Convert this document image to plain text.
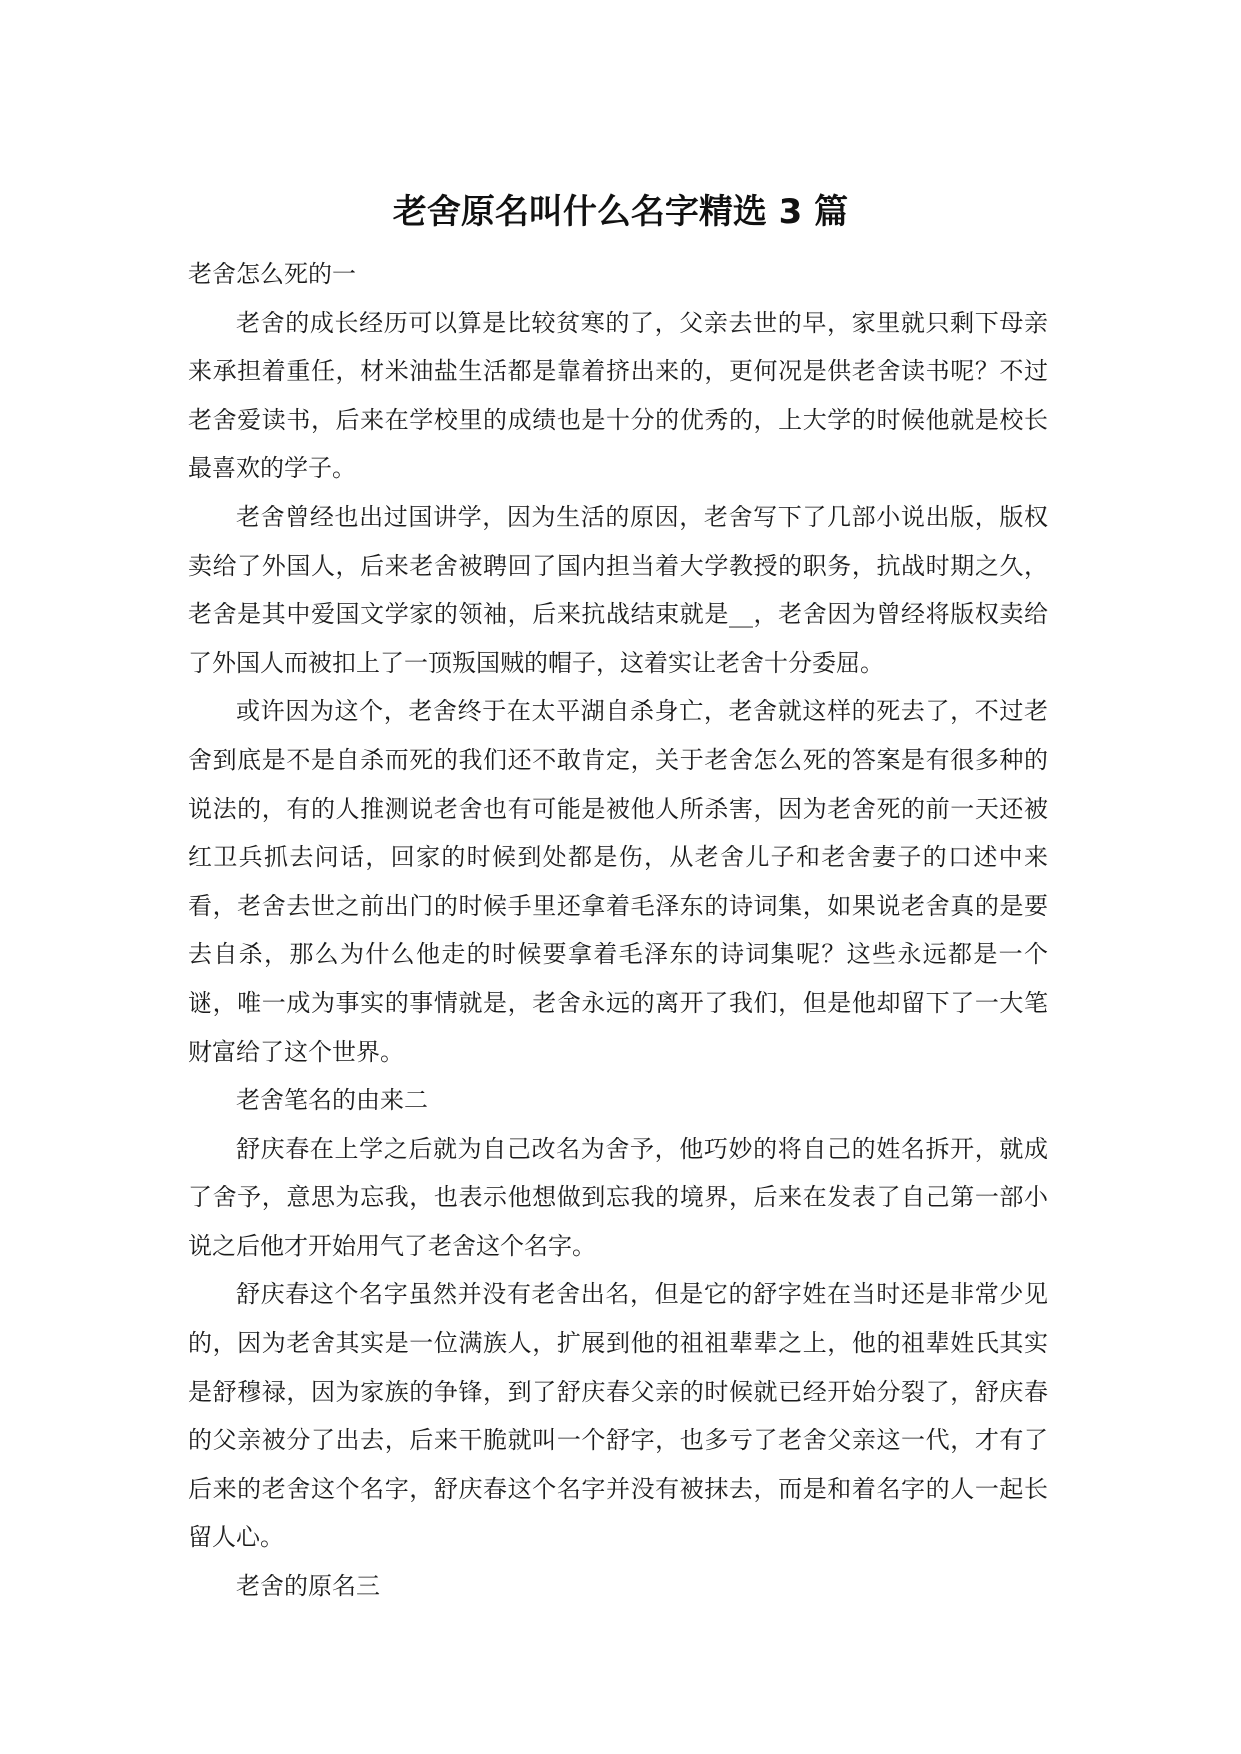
老舍原名叫什么名字精选 3 篇

老舍怎么死的一

老舍的成长经历可以算是比较贫寒的了，父亲去世的早，家里就只剩下母亲来承担着重任，材米油盐生活都是靠着挤出来的，更何况是供老舍读书呢？不过老舍爱读书，后来在学校里的成绩也是十分的优秀的，上大学的时候他就是校长最喜欢的学子。

老舍曾经也出过国讲学，因为生活的原因，老舍写下了几部小说出版，版权卖给了外国人，后来老舍被聘回了国内担当着大学教授的职务，抗战时期之久，老舍是其中爱国文学家的领袖，后来抗战结束就是__，老舍因为曾经将版权卖给了外国人而被扣上了一顶叛国贼的帽子，这着实让老舍十分委屈。

或许因为这个，老舍终于在太平湖自杀身亡，老舍就这样的死去了，不过老舍到底是不是自杀而死的我们还不敢肯定，关于老舍怎么死的答案是有很多种的说法的，有的人推测说老舍也有可能是被他人所杀害，因为老舍死的前一天还被红卫兵抓去问话，回家的时候到处都是伤，从老舍儿子和老舍妻子的口述中来看，老舍去世之前出门的时候手里还拿着毛泽东的诗词集，如果说老舍真的是要去自杀，那么为什么他走的时候要拿着毛泽东的诗词集呢？这些永远都是一个谜，唯一成为事实的事情就是，老舍永远的离开了我们，但是他却留下了一大笔财富给了这个世界。

老舍笔名的由来二

舒庆春在上学之后就为自己改名为舍予，他巧妙的将自己的姓名拆开，就成了舍予，意思为忘我，也表示他想做到忘我的境界，后来在发表了自己第一部小说之后他才开始用气了老舍这个名字。

舒庆春这个名字虽然并没有老舍出名，但是它的舒字姓在当时还是非常少见的，因为老舍其实是一位满族人，扩展到他的祖祖辈辈之上，他的祖辈姓氏其实是舒穆禄，因为家族的争锋，到了舒庆春父亲的时候就已经开始分裂了，舒庆春的父亲被分了出去，后来干脆就叫一个舒字，也多亏了老舍父亲这一代，才有了后来的老舍这个名字，舒庆春这个名字并没有被抹去，而是和着名字的人一起长留人心。

老舍的原名三
